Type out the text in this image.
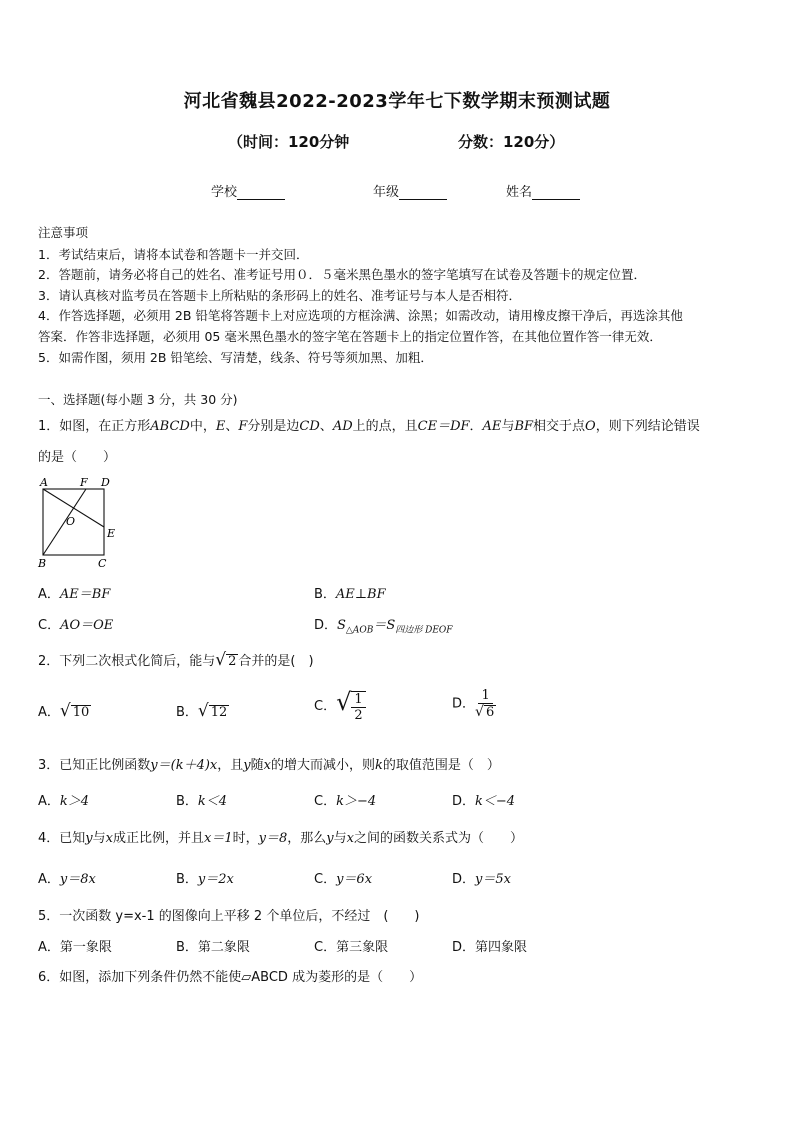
河北省魏县2022-2023学年七下数学期末预测试题
（时间：120分钟	分数：120分）
学校	年级	姓名
注意事项
1．考试结束后，请将本试卷和答题卡一并交回．
2．答题前，请务必将自己的姓名、准考证号用０．５毫米黑色墨水的签字笔填写在试卷及答题卡的规定位置．
3．请认真核对监考员在答题卡上所粘贴的条形码上的姓名、准考证号与本人是否相符．
4．作答选择题，必须用 2B 铅笔将答题卡上对应选项的方框涂满、涂黑；如需改动，请用橡皮擦干净后，再选涂其他
答案．作答非选择题，必须用 05 毫米黑色墨水的签字笔在答题卡上的指定位置作答，在其他位置作答一律无效．
5．如需作图，须用 2B 铅笔绘、写清楚，线条、符号等须加黑、加粗．
一、选择题(每小题 3 分，共 30 分)
1．如图，在正方形ABCD中，E、F分别是边CD、AD上的点，且CE＝DF．AE与BF相交于点O，则下列结论错误
的是（　　）
A	F D
O
E
B	C
A．AE＝BF	B．AE⊥BF
C．AO＝OE	D．$S_{\triangle AOB}=S_{四边形 DEOF}$
2．下列二次根式化简后，能与√ 2 合并的是(　)
A．√ 10	B．√ 12	C．√ $\frac{1}{2}$	D． $\frac{1}{√ 6}$
3．已知正比例函数y＝(k＋4)x，且y随x的增大而减小，则k的取值范围是（　）
A．k＞4	B．k＜4	C．k＞−4	D．k＜−4
4．已知y与x成正比例，并且x＝1时，y＝8，那么y与x之间的函数关系式为（　　）
A．y＝8x	B．y＝2x	C．y＝6x	D．y＝5x
5．一次函数 y=x-1 的图像向上平移 2 个单位后，不经过　(　　)
A．第一象限	B．第二象限	C．第三象限	D．第四象限
6．如图，添加下列条件仍然不能使▱ABCD 成为菱形的是（　　）
